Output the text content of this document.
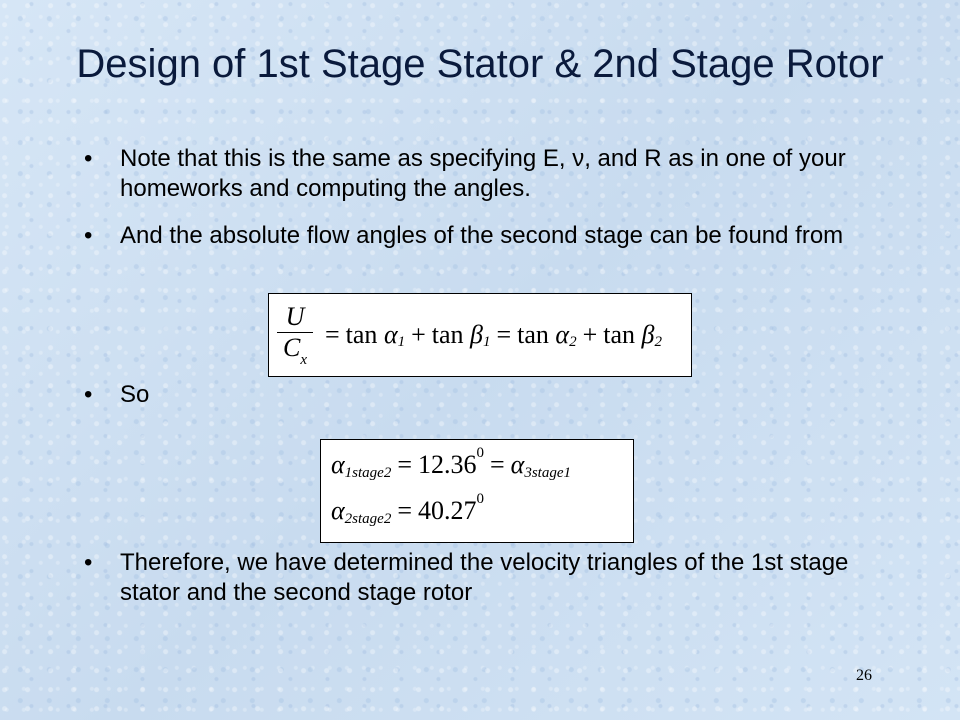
Design of 1st Stage Stator & 2nd Stage Rotor
• Note that this is the same as specifying E, ν, and R as in one of your homeworks and computing the angles.
• And the absolute flow angles of the second stage can be found from
$\frac{U}{C_x} = \tan$
α 1 + tan
β 1 = tan
α 2 + tan
β 2
• So
α 1stage2 = 12.36 0 = α 3stage1
α 2stage2 = 40.27 0
• Therefore, we have determined the velocity triangles of the 1st stage stator and the second stage rotor
26
